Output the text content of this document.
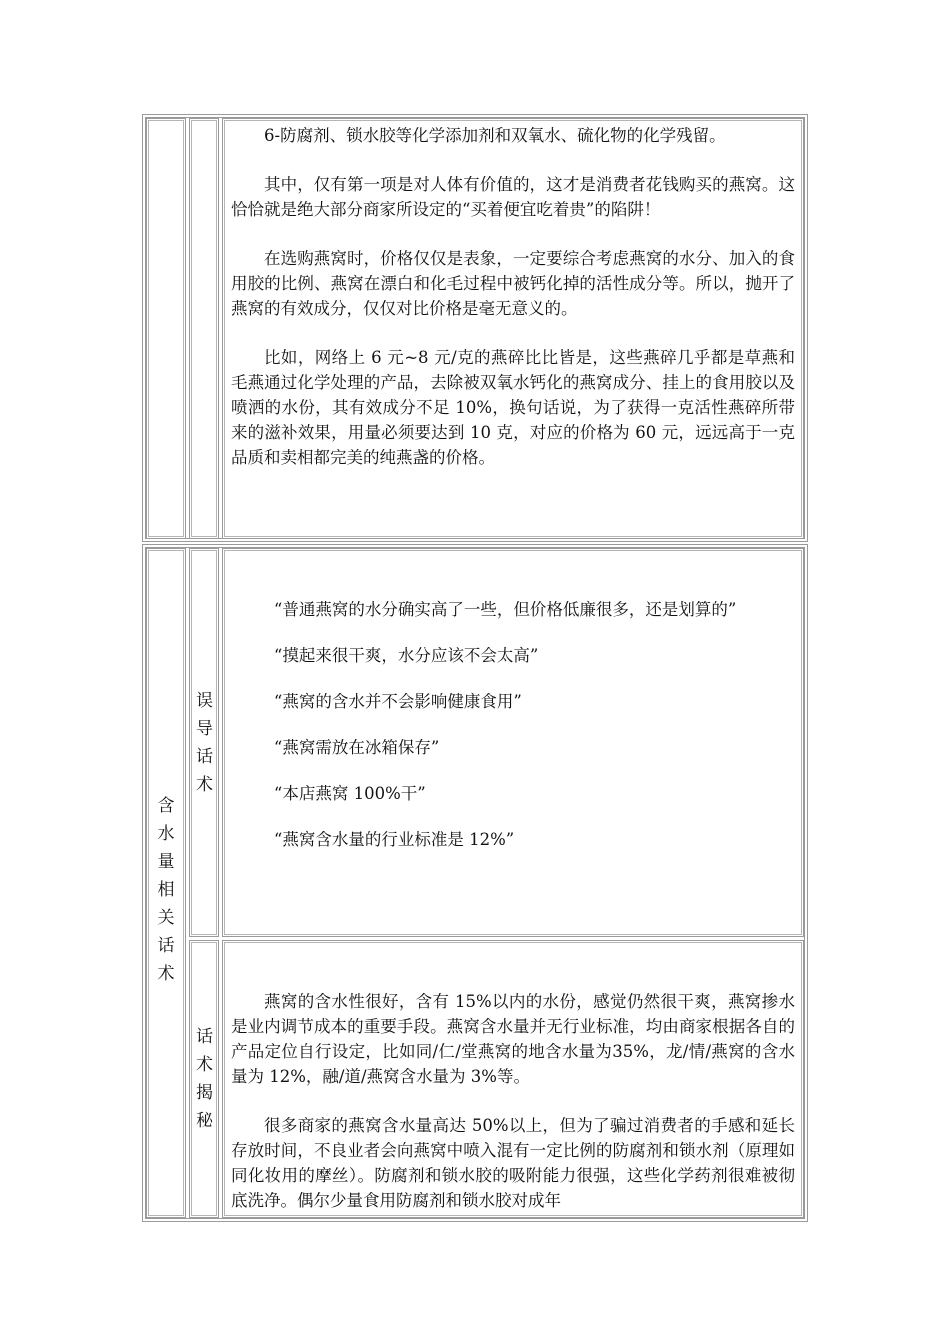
6-防腐剂、锁水胶等化学添加剂和双氧水、硫化物的化学残留。

其中，仅有第一项是对人体有价值的，这才是消费者花钱购买的燕窝。这恰恰就是绝大部分商家所设定的“买着便宜吃着贵”的陷阱！

在选购燕窝时，价格仅仅是表象，一定要综合考虑燕窝的水分、加入的食用胶的比例、燕窝在漂白和化毛过程中被钙化掉的活性成分等。所以，抛开了燕窝的有效成分，仅仅对比价格是毫无意义的。

比如，网络上 6 元~8 元/克的燕碎比比皆是，这些燕碎几乎都是草燕和毛燕通过化学处理的产品，去除被双氧水钙化的燕窝成分、挂上的食用胶以及喷洒的水份，其有效成分不足 10%，换句话说，为了获得一克活性燕碎所带来的滋补效果，用量必须要达到 10 克，对应的价格为 60 元，远远高于一克品质和卖相都完美的纯燕盏的价格。

含水量相关话术
误导话术

“普通燕窝的水分确实高了一些，但价格低廉很多，还是划算的”

“摸起来很干爽，水分应该不会太高”

“燕窝的含水并不会影响健康食用”

“燕窝需放在冰箱保存”

“本店燕窝 100%干”

“燕窝含水量的行业标准是 12%”

话术揭秘

燕窝的含水性很好，含有 15%以内的水份，感觉仍然很干爽，燕窝掺水是业内调节成本的重要手段。燕窝含水量并无行业标准，均由商家根据各自的产品定位自行设定，比如同/仁/堂燕窝的地含水量为35%，龙/情/燕窝的含水量为 12%，融/道/燕窝含水量为 3%等。

很多商家的燕窝含水量高达 50%以上，但为了骗过消费者的手感和延长存放时间，不良业者会向燕窝中喷入混有一定比例的防腐剂和锁水剂（原理如同化妆用的摩丝）。防腐剂和锁水胶的吸附能力很强，这些化学药剂很难被彻底洗净。偶尔少量食用防腐剂和锁水胶对成年
